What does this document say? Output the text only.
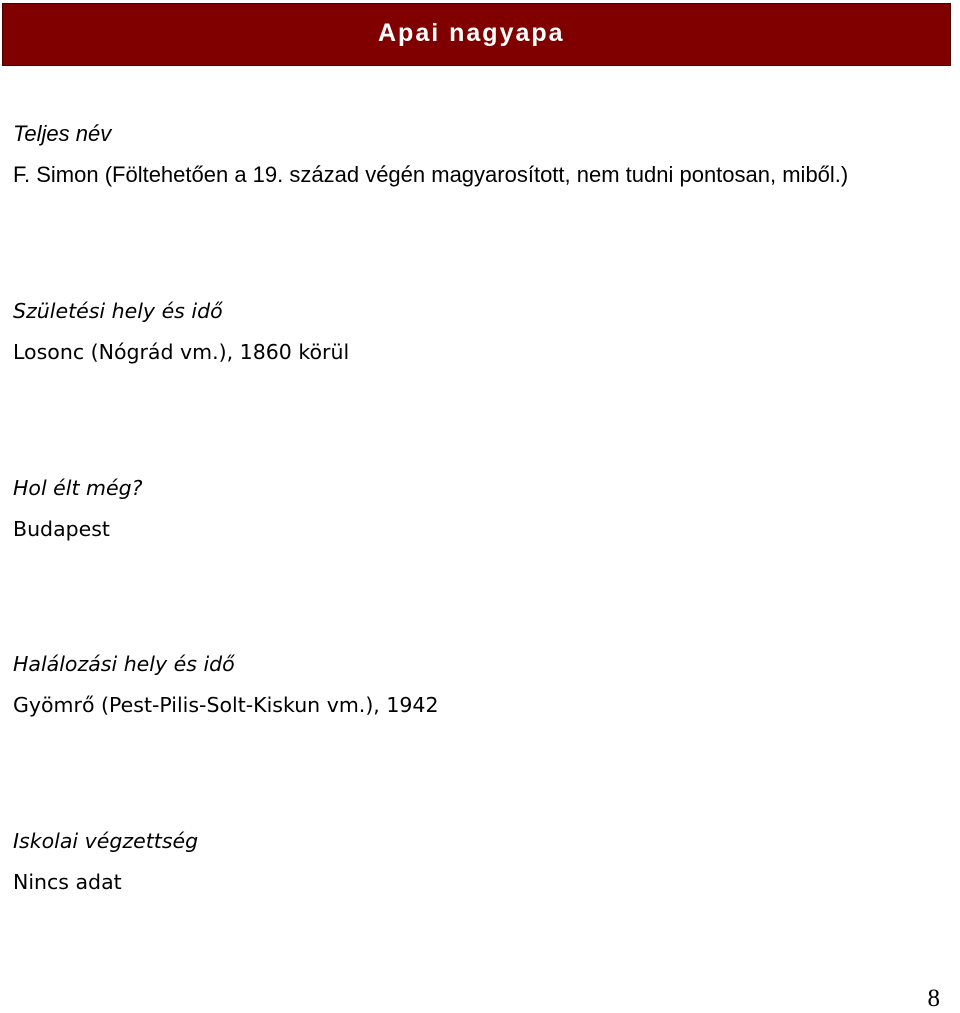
Apai nagyapa
Teljes név
F. Simon (Föltehetően a 19. század végén magyarosított, nem tudni pontosan, miből.)
Születési hely és idő
Losonc (Nógrád vm.), 1860 körül
Hol élt még?
Budapest
Halálozási hely és idő
Gyömrő (Pest-Pilis-Solt-Kiskun vm.), 1942
Iskolai végzettség
Nincs adat
8
